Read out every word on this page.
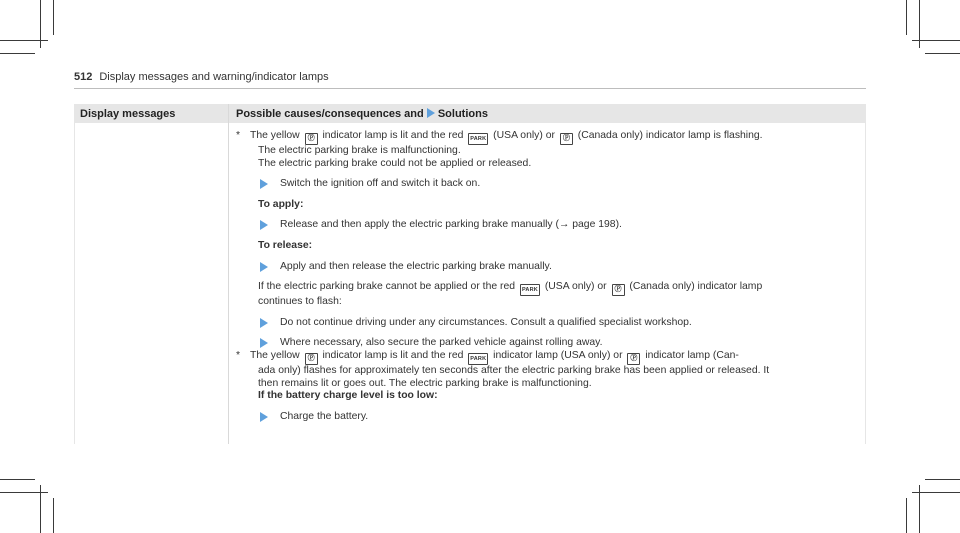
512 Display messages and warning/indicator lamps
Display messages	Possible causes/consequences and Solutions
* The yellow Ⓟ indicator lamp is lit and the red PARK (USA only) or Ⓟ (Canada only) indicator lamp is flashing.
The electric parking brake is malfunctioning.
The electric parking brake could not be applied or released.
Switch the ignition off and switch it back on.
To apply:
Release and then apply the electric parking brake manually (→ page 198).
To release:
Apply and then release the electric parking brake manually.
If the electric parking brake cannot be applied or the red PARK (USA only) or Ⓟ (Canada only) indicator lamp
continues to flash:
Do not continue driving under any circumstances. Consult a qualified specialist workshop.
Where necessary, also secure the parked vehicle against rolling away.
* The yellow Ⓟ indicator lamp is lit and the red PARK indicator lamp (USA only) or Ⓟ indicator lamp (Can-
ada only) flashes for approximately ten seconds after the electric parking brake has been applied or released. It
then remains lit or goes out. The electric parking brake is malfunctioning.
If the battery charge level is too low:
Charge the battery.
